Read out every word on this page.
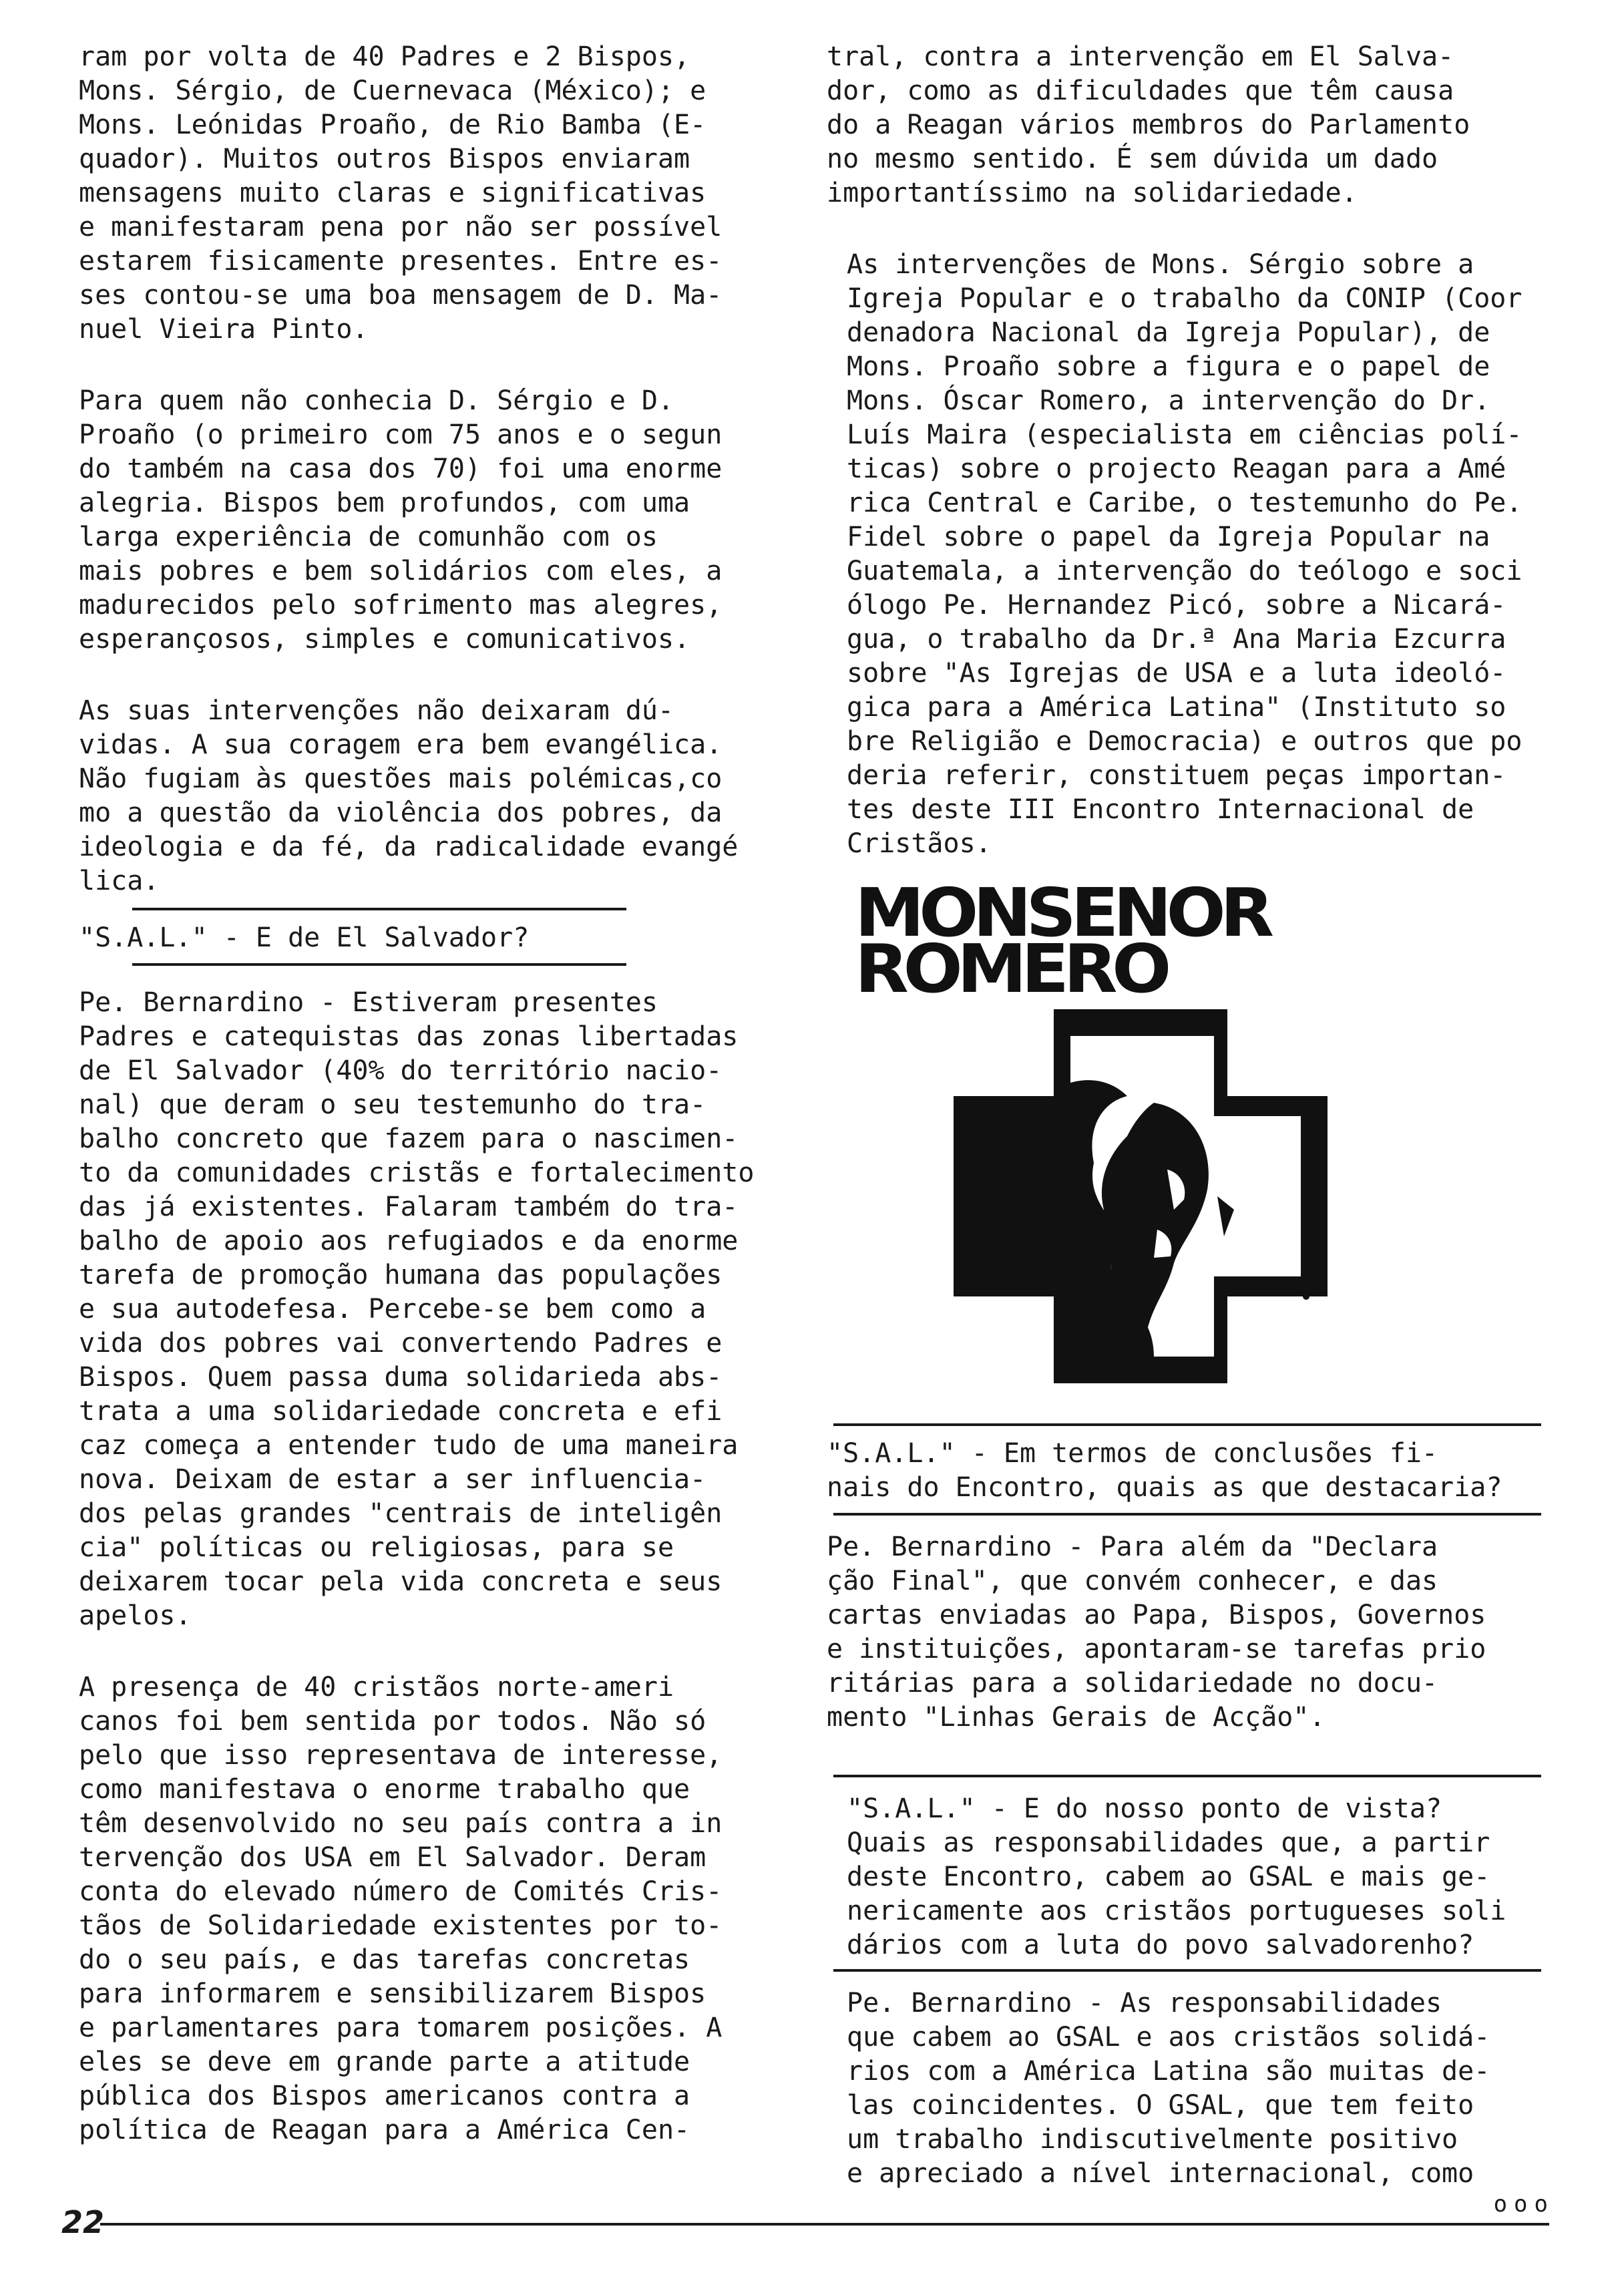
ram por volta de 40 Padres e 2 Bispos,
Mons. Sérgio, de Cuernevaca (México); e
Mons. Leónidas Proaño, de Rio Bamba (E-
quador). Muitos outros Bispos enviaram
mensagens muito claras e significativas
e manifestaram pena por não ser possível
estarem fisicamente presentes. Entre es-
ses contou-se uma boa mensagem de D. Ma-
nuel Vieira Pinto.

Para quem não conhecia D. Sérgio e D.
Proaño (o primeiro com 75 anos e o segun
do também na casa dos 70) foi uma enorme
alegria. Bispos bem profundos, com uma
larga experiência de comunhão com os
mais pobres e bem solidários com eles, a
madurecidos pelo sofrimento mas alegres,
esperançosos, simples e comunicativos.

As suas intervenções não deixaram dú-
vidas. A sua coragem era bem evangélica.
Não fugiam às questões mais polémicas,co
mo a questão da violência dos pobres, da
ideologia e da fé, da radicalidade evangé
lica.

"S.A.L." - E de El Salvador?

Pe. Bernardino - Estiveram presentes
Padres e catequistas das zonas libertadas
de El Salvador (40% do território nacio-
nal) que deram o seu testemunho do tra-
balho concreto que fazem para o nascimen-
to da comunidades cristãs e fortalecimento
das já existentes. Falaram também do tra-
balho de apoio aos refugiados e da enorme
tarefa de promoção humana das populações
e sua autodefesa. Percebe-se bem como a
vida dos pobres vai convertendo Padres e
Bispos. Quem passa duma solidarieda abs-
trata a uma solidariedade concreta e efi
caz começa a entender tudo de uma maneira
nova. Deixam de estar a ser influencia-
dos pelas grandes "centrais de inteligên
cia" políticas ou religiosas, para se
deixarem tocar pela vida concreta e seus
apelos.

A presença de 40 cristãos norte-ameri
canos foi bem sentida por todos. Não só
pelo que isso representava de interesse,
como manifestava o enorme trabalho que
têm desenvolvido no seu país contra a in
tervenção dos USA em El Salvador. Deram
conta do elevado número de Comités Cris-
tãos de Solidariedade existentes por to-
do o seu país, e das tarefas concretas
para informarem e sensibilizarem Bispos
e parlamentares para tomarem posições. A
eles se deve em grande parte a atitude
pública dos Bispos americanos contra a
política de Reagan para a América Cen-

tral, contra a intervenção em El Salva-
dor, como as dificuldades que têm causa
do a Reagan vários membros do Parlamento
no mesmo sentido. É sem dúvida um dado
importantíssimo na solidariedade.

As intervenções de Mons. Sérgio sobre a
Igreja Popular e o trabalho da CONIP (Coor
denadora Nacional da Igreja Popular), de
Mons. Proaño sobre a figura e o papel de
Mons. Óscar Romero, a intervenção do Dr.
Luís Maira (especialista em ciências polí-
ticas) sobre o projecto Reagan para a Amé
rica Central e Caribe, o testemunho do Pe.
Fidel sobre o papel da Igreja Popular na
Guatemala, a intervenção do teólogo e soci
ólogo Pe. Hernandez Picó, sobre a Nicará-
gua, o trabalho da Dr.ª Ana Maria Ezcurra
sobre "As Igrejas de USA e a luta ideoló-
gica para a América Latina" (Instituto so
bre Religião e Democracia) e outros que po
deria referir, constituem peças importan-
tes deste III Encontro Internacional de
Cristãos.

MONSENOR
ROMERO
"S.A.L." - Em termos de conclusões fi-
nais do Encontro, quais as que destacaria?

Pe. Bernardino - Para além da "Declara
ção Final", que convém conhecer, e das
cartas enviadas ao Papa, Bispos, Governos
e instituições, apontaram-se tarefas prio
ritárias para a solidariedade no docu-
mento "Linhas Gerais de Acção".

"S.A.L." - E do nosso ponto de vista?
Quais as responsabilidades que, a partir
deste Encontro, cabem ao GSAL e mais ge-
nericamente aos cristãos portugueses soli
dários com a luta do povo salvadorenho?

Pe. Bernardino - As responsabilidades
que cabem ao GSAL e aos cristãos solidá-
rios com a América Latina são muitas de-
las coincidentes. O GSAL, que tem feito
um trabalho indiscutivelmente positivo
e apreciado a nível internacional, como

ooo
22
